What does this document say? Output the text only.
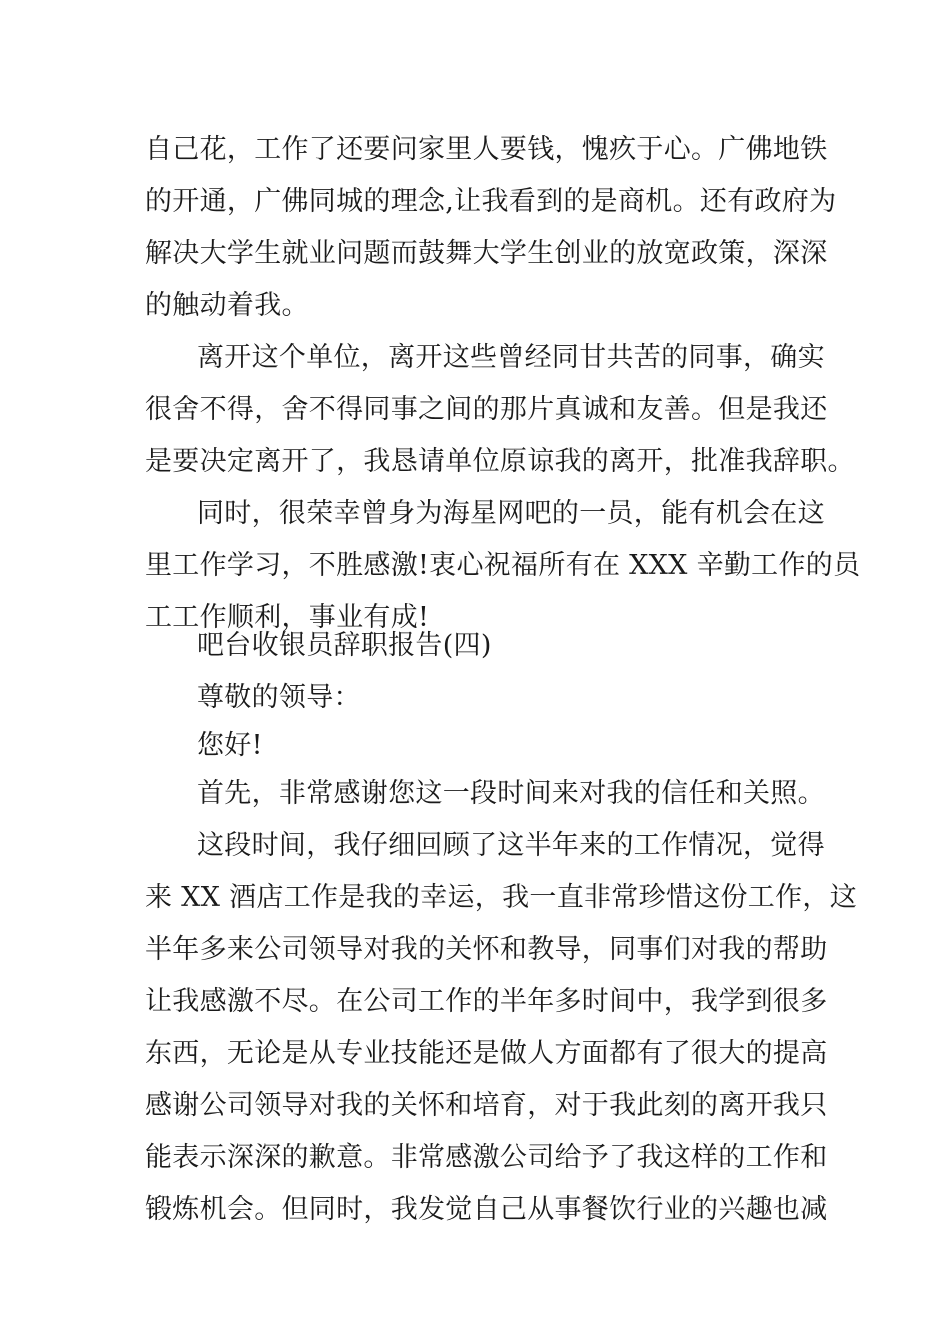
自己花，工作了还要问家里人要钱，愧疚于心。广佛地铁
的开通，广佛同城的理念,让我看到的是商机。还有政府为
解决大学生就业问题而鼓舞大学生创业的放宽政策，深深
的触动着我。
离开这个单位，离开这些曾经同甘共苦的同事，确实
很舍不得，舍不得同事之间的那片真诚和友善。但是我还
是要决定离开了，我恳请单位原谅我的离开，批准我辞职。
同时，很荣幸曾身为海星网吧的一员，能有机会在这
里工作学习，不胜感激!衷心祝福所有在 XXX 辛勤工作的员
工工作顺利，事业有成!
吧台收银员辞职报告(四)
尊敬的领导：
您好!
首先，非常感谢您这一段时间来对我的信任和关照。
这段时间，我仔细回顾了这半年来的工作情况，觉得
来 XX 酒店工作是我的幸运，我一直非常珍惜这份工作，这
半年多来公司领导对我的关怀和教导，同事们对我的帮助
让我感激不尽。在公司工作的半年多时间中，我学到很多
东西，无论是从专业技能还是做人方面都有了很大的提高
感谢公司领导对我的关怀和培育，对于我此刻的离开我只
能表示深深的歉意。非常感激公司给予了我这样的工作和
锻炼机会。但同时，我发觉自己从事餐饮行业的兴趣也减
